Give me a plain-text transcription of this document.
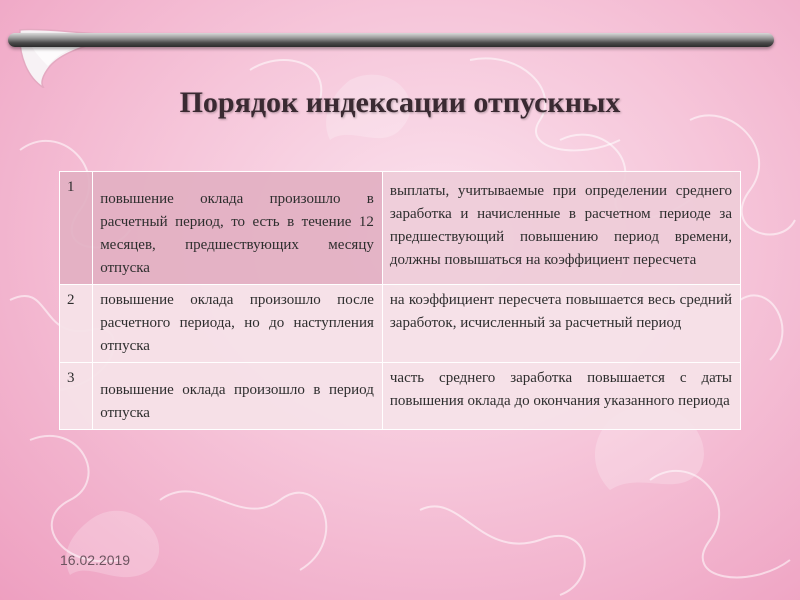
Порядок индексации отпускных
1	повышение оклада произошло в расчетный период, то есть в течение 12 месяцев, предшествующих месяцу отпуска	выплаты, учитываемые при определении среднего заработка и начисленные в расчетном периоде за предшествующий повышению период времени, должны повышаться на коэффициент пересчета

2	повышение оклада произошло после расчетного периода, но до наступления отпуска	на коэффициент пересчета повышается весь средний заработок, исчисленный за расчетный период

3	повышение оклада произошло в период отпуска	часть среднего заработка повышается с даты повышения оклада до окончания указанного периода
16.02.2019
